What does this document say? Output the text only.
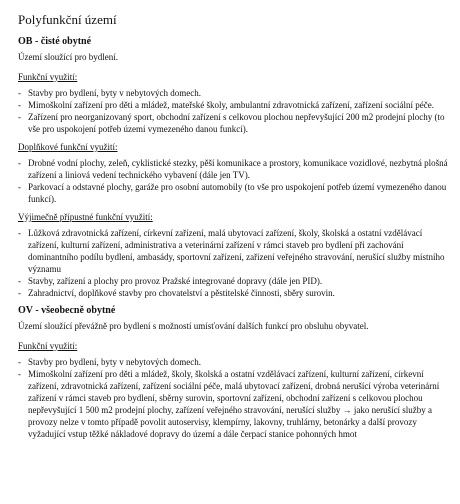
Polyfunkční území
OB - čisté obytné
Území sloužící pro bydlení.
Funkční využití:
- Stavby pro bydlení, byty v nebytových domech.
- Mimoškolní zařízení pro děti a mládež, mateřské školy, ambulantní zdravotnická zařízení, zařízení sociální péče.
- Zařízení pro neorganizovaný sport, obchodní zařízení s celkovou plochou nepřevyšující 200 m2 prodejní plochy (to vše pro uspokojení potřeb území vymezeného danou funkcí).
Doplňkové funkční využití:
- Drobné vodní plochy, zeleň, cyklistické stezky, pěší komunikace a prostory, komunikace vozidlové, nezbytná plošná zařízení a liniová vedení technického vybavení (dále jen TV).
- Parkovací a odstavné plochy, garáže pro osobní automobily (to vše pro uspokojení potřeb území vymezeného danou funkcí).
Výjimečně přípustné funkční využití:
- Lůžková zdravotnická zařízení, církevní zařízení, malá ubytovací zařízení, školy, školská a ostatní vzdělávací zařízení, kulturní zařízení, administrativa a veterinární zařízení v rámci staveb pro bydlení při zachování dominantního podílu bydlení, ambasády, sportovní zařízení, zařízení veřejného stravování, nerušící služby místního významu
- Stavby, zařízení a plochy pro provoz Pražské integrované dopravy (dále jen PID).
- Zahradnictví, doplňkové stavby pro chovatelství a pěstitelské činnosti, sběry surovin.
OV - všeobecně obytné
Území sloužící převážně pro bydlení s možností umísťování dalších funkcí pro obsluhu obyvatel.
Funkční využití:
- Stavby pro bydlení, byty v nebytových domech.
- Mimoškolní zařízení pro děti a mládež, školy, školská a ostatní vzdělávací zařízení, kulturní zařízení, církevní zařízení, zdravotnická zařízení, zařízení sociální péče, malá ubytovací zařízení, drobná nerušící výroba veterinární zařízení v rámci staveb pro bydlení, sběrny surovin, sportovní zařízení, obchodní zařízení s celkovou plochou nepřevyšující 1 500 m2 prodejní plochy, zařízení veřejného stravování, nerušící služby → jako nerušící služby a provozy nelze v tomto případě povolit autoservisy, klempírny, lakovny, truhlárny, betonárky a další provozy vyžadující vstup těžké nákladové dopravy do území a dále čerpací stanice pohonných hmot
